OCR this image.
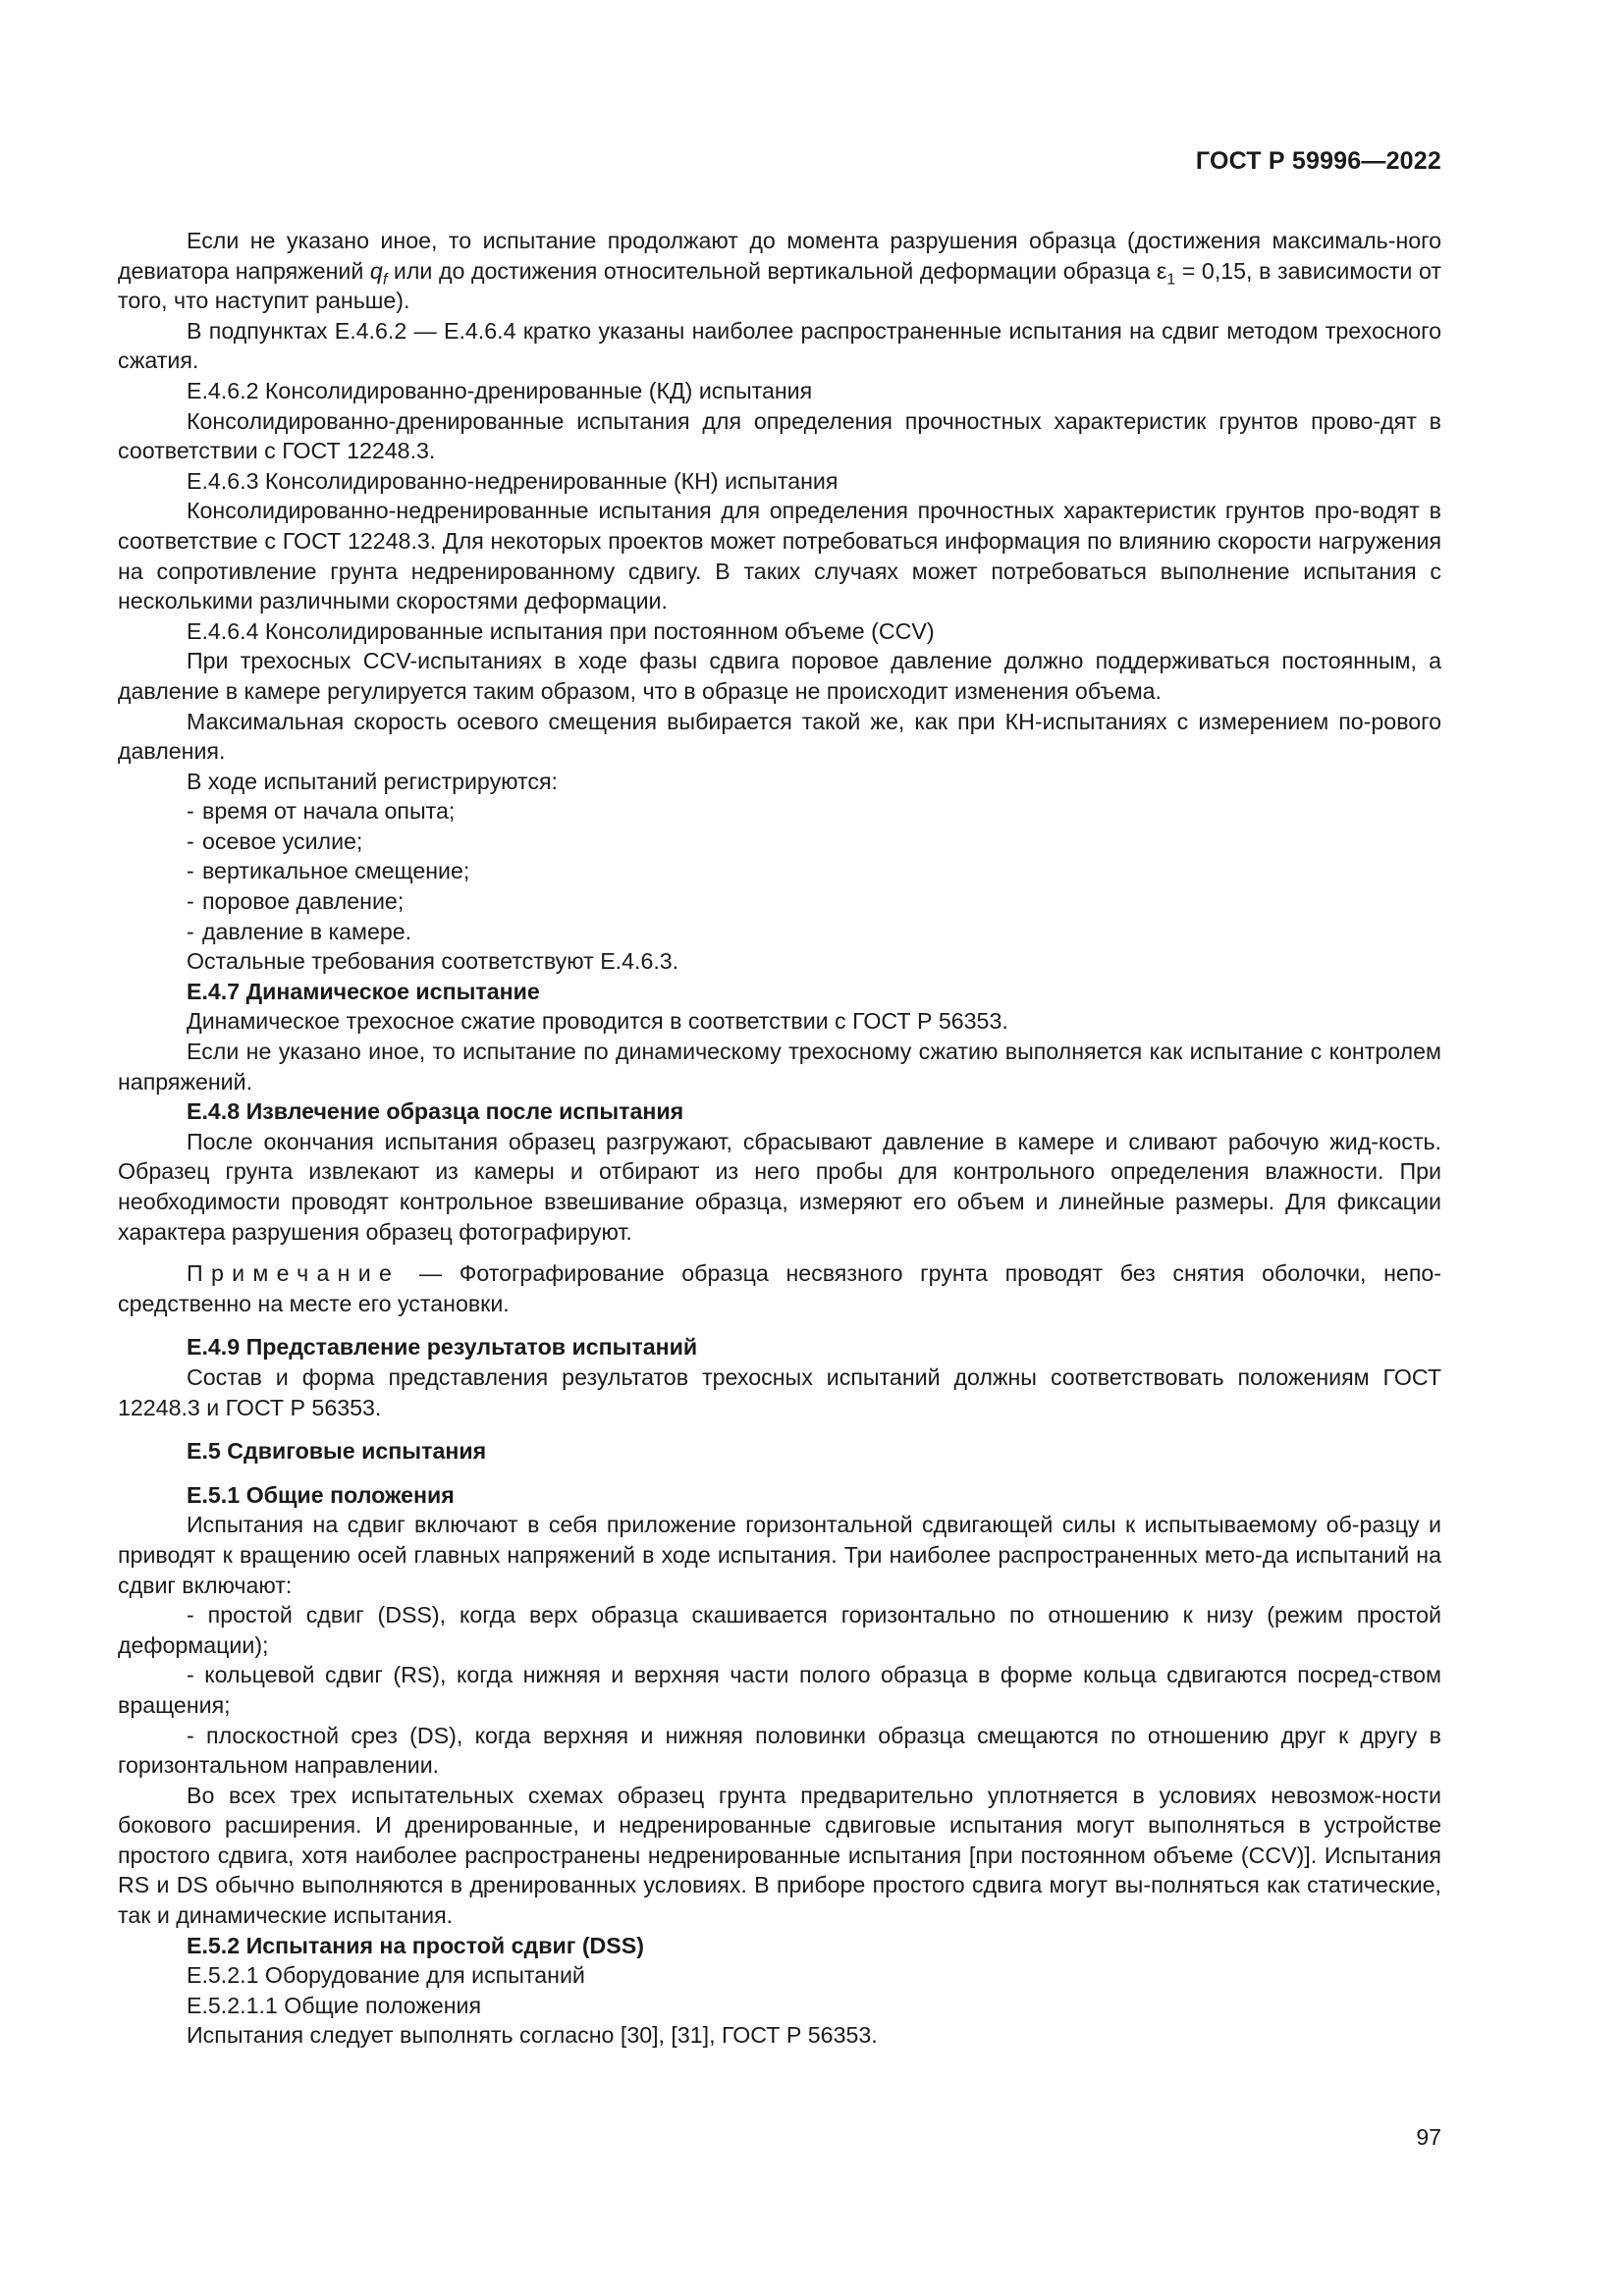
ГОСТ Р 59996—2022

Если не указано иное, то испытание продолжают до момента разрушения образца (достижения максималь-ного девиатора напряжений $q_f$ или до достижения относительной вертикальной деформации образца $\varepsilon_1 = 0,15$, в зависимости от того, что наступит раньше).

В подпунктах Е.4.6.2 — Е.4.6.4 кратко указаны наиболее распространенные испытания на сдвиг методом трехосного сжатия.

Е.4.6.2 Консолидированно-дренированные (КД) испытания

Консолидированно-дренированные испытания для определения прочностных характеристик грунтов прово-дят в соответствии с ГОСТ 12248.3.

Е.4.6.3 Консолидированно-недренированные (КН) испытания

Консолидированно-недренированные испытания для определения прочностных характеристик грунтов про-водят в соответствие с ГОСТ 12248.3. Для некоторых проектов может потребоваться информация по влиянию скорости нагружения на сопротивление грунта недренированному сдвигу. В таких случаях может потребоваться выполнение испытания с несколькими различными скоростями деформации.

Е.4.6.4 Консолидированные испытания при постоянном объеме (CCV)

При трехосных CCV-испытаниях в ходе фазы сдвига поровое давление должно поддерживаться постоянным, а давление в камере регулируется таким образом, что в образце не происходит изменения объема.

Максимальная скорость осевого смещения выбирается такой же, как при КН-испытаниях с измерением по-рового давления.

В ходе испытаний регистрируются:

- время от начала опыта;

- осевое усилие;

- вертикальное смещение;

- поровое давление;

- давление в камере.

Остальные требования соответствуют Е.4.6.3.

Е.4.7 Динамическое испытание

Динамическое трехосное сжатие проводится в соответствии с ГОСТ Р 56353.

Если не указано иное, то испытание по динамическому трехосному сжатию выполняется как испытание с контролем напряжений.

Е.4.8 Извлечение образца после испытания

После окончания испытания образец разгружают, сбрасывают давление в камере и сливают рабочую жид-кость. Образец грунта извлекают из камеры и отбирают из него пробы для контрольного определения влажности. При необходимости проводят контрольное взвешивание образца, измеряют его объем и линейные размеры. Для фиксации характера разрушения образец фотографируют.

Примечание — Фотографирование образца несвязного грунта проводят без снятия оболочки, непо-средственно на месте его установки.

Е.4.9 Представление результатов испытаний

Состав и форма представления результатов трехосных испытаний должны соответствовать положениям ГОСТ 12248.3 и ГОСТ Р 56353.

Е.5 Сдвиговые испытания

Е.5.1 Общие положения

Испытания на сдвиг включают в себя приложение горизонтальной сдвигающей силы к испытываемому об-разцу и приводят к вращению осей главных напряжений в ходе испытания. Три наиболее распространенных мето-да испытаний на сдвиг включают:

- простой сдвиг (DSS), когда верх образца скашивается горизонтально по отношению к низу (режим простой деформации);

- кольцевой сдвиг (RS), когда нижняя и верхняя части полого образца в форме кольца сдвигаются посред-ством вращения;

- плоскостной срез (DS), когда верхняя и нижняя половинки образца смещаются по отношению друг к другу в горизонтальном направлении.

Во всех трех испытательных схемах образец грунта предварительно уплотняется в условиях невозмож-ности бокового расширения. И дренированные, и недренированные сдвиговые испытания могут выполняться в устройстве простого сдвига, хотя наиболее распространены недренированные испытания [при постоянном объеме (CCV)]. Испытания RS и DS обычно выполняются в дренированных условиях. В приборе простого сдвига могут вы-полняться как статические, так и динамические испытания.

Е.5.2 Испытания на простой сдвиг (DSS)

Е.5.2.1 Оборудование для испытаний

Е.5.2.1.1 Общие положения

Испытания следует выполнять согласно [30], [31], ГОСТ Р 56353.

97
